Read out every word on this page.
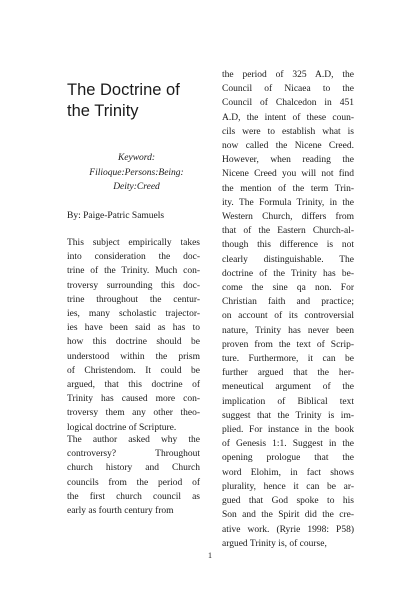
The Doctrine of the Trinity
Keyword:
Filioque:Persons:Being:
Deity:Creed
By: Paige-Patric Samuels
This subject empirically takes
into consideration the doc-
trine of the Trinity. Much con-
troversy surrounding this doc-
trine throughout the centur-
ies, many scholastic trajector-
ies have been said as has to
how this doctrine should be
understood within the prism
of Christendom. It could be
argued, that this doctrine of
Trinity has caused more con-
troversy them any other theo-
logical doctrine of Scripture.
The author asked why the
controversy? Throughout
church history and Church
councils from the period of
the first church council as
early as fourth century from
the period of 325 A.D, the
Council of Nicaea to the
Council of Chalcedon in 451
A.D, the intent of these coun-
cils were to establish what is
now called the Nicene Creed.
However, when reading the
Nicene Creed you will not find
the mention of the term Trin-
ity. The Formula Trinity, in the
Western Church, differs from
that of the Eastern Church-al-
though this difference is not
clearly distinguishable. The
doctrine of the Trinity has be-
come the sine qa non. For
Christian faith and practice;
on account of its controversial
nature, Trinity has never been
proven from the text of Scrip-
ture. Furthermore, it can be
further argued that the her-
meneutical argument of the
implication of Biblical text
suggest that the Trinity is im-
plied. For instance in the book
of Genesis 1:1. Suggest in the
opening prologue that the
word Elohim, in fact shows
plurality, hence it can be ar-
gued that God spoke to his
Son and the Spirit did the cre-
ative work. (Ryrie 1998: P58)
argued Trinity is, of course,
1
